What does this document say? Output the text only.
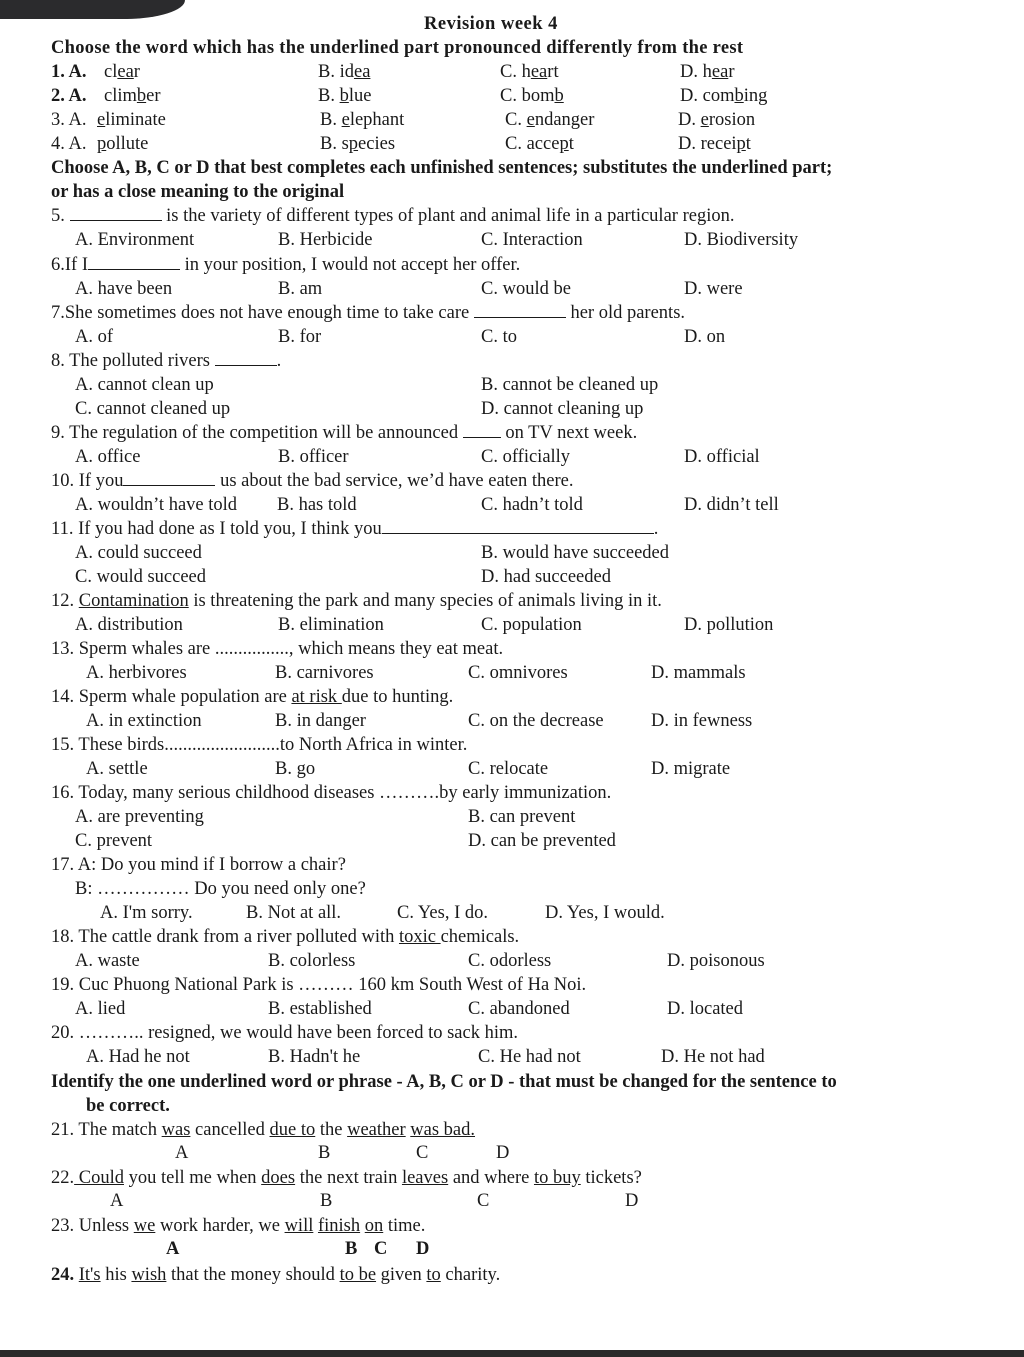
Revision week 4
Choose the word which has the underlined part pronounced differently from the rest
1. A. clear	B. idea	C. heart	D. hear
2. A. climber	B. blue	C. bomb	D. combing
3. A. eliminate	B. elephant	C. endanger	D. erosion
4. A. pollute	B. species	C. accept	D. receipt
Choose A, B, C or D that best completes each unfinished sentences; substitutes the underlined part;
or has a close meaning to the original
5.	is the variety of different types of plant and animal life in a particular region.
A. Environment	B. Herbicide	C. Interaction	D. Biodiversity
6.If I	in your position, I would not accept her offer.
A. have been	B. am	C. would be	D. were
7.She sometimes does not have enough time to take care	her old parents.
A. of	B. for	C. to	D. on
8. The polluted rivers	.
A. cannot clean up	B. cannot be cleaned up
C. cannot cleaned up	D. cannot cleaning up
9. The regulation of the competition will be announced  on TV next week.
A. office	B. officer	C. officially	D. official
10. If you	us about the bad service, we’d have eaten there.
A. wouldn’t have told B. has told	C. hadn’t told	D. didn’t tell
11. If you had done as I told you, I think you	.
A. could succeed	B. would have succeeded
C. would succeed	D. had succeeded
12. Contamination is threatening the park and many species of animals living in it.
A. distribution	B. elimination	C. population	D. pollution
13. Sperm whales are ................, which means they eat meat.
A. herbivores	B. carnivores	C. omnivores	D. mammals
14. Sperm whale population are at risk due to hunting.
A. in extinction	B. in danger	C. on the decrease	D. in fewness
15. These birds.........................to North Africa in winter.
A. settle	B. go	C. relocate	D. migrate
16. Today, many serious childhood diseases ……….by early immunization.
A. are preventing	B. can prevent
C. prevent	D. can be prevented
17. A: Do you mind if I borrow a chair?
B: …………… Do you need only one?
A. I'm sorry.	B. Not at all.	C. Yes, I do.	D. Yes, I would.
18. The cattle drank from a river polluted with toxic chemicals.
A. waste	B. colorless	C. odorless	D. poisonous
19. Cuc Phuong National Park is ……… 160 km South West of Ha Noi.
A. lied	B. established	C. abandoned	D. located
20. ……….. resigned, we would have been forced to sack him.
A. Had he not	B. Hadn't he	C. He had not	D. He not had
Identify the one underlined word or phrase - A, B, C or D - that must be changed for the sentence to
be correct.
21. The match was cancelled due to the weather was bad.
A	B	C	D
22. Could you tell me when does the next train leaves and where to buy tickets?
A	B	C	D
23. Unless we work harder, we will finish on time.
A	B C D
24. It's his wish that the money should to be given to charity.
